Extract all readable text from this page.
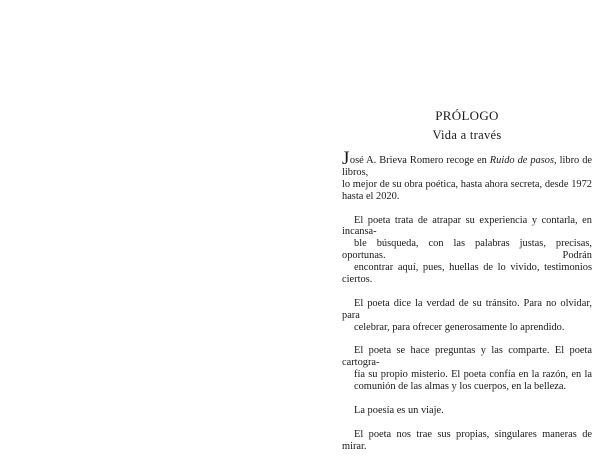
PRÓLOGO
Vida a través
José A. Brieva Romero recoge en Ruido de pasos, libro de libros,
lo mejor de su obra poética, hasta ahora secreta, desde 1972
hasta el 2020.
El poeta trata de atrapar su experiencia y contarla, en incansa-
ble búsqueda, con las palabras justas, precisas, oportunas. Podrán
encontrar aquí, pues, huellas de lo vivido, testimonios ciertos.
El poeta dice la verdad de su tránsito. Para no olvidar, para
celebrar, para ofrecer generosamente lo aprendido.
El poeta se hace preguntas y las comparte. El poeta cartogra-
fía su propio misterio. El poeta confía en la razón, en la
comunión de las almas y los cuerpos, en la belleza.
La poesía es un viaje.
El poeta nos trae sus propias, singulares maneras de mirar.
